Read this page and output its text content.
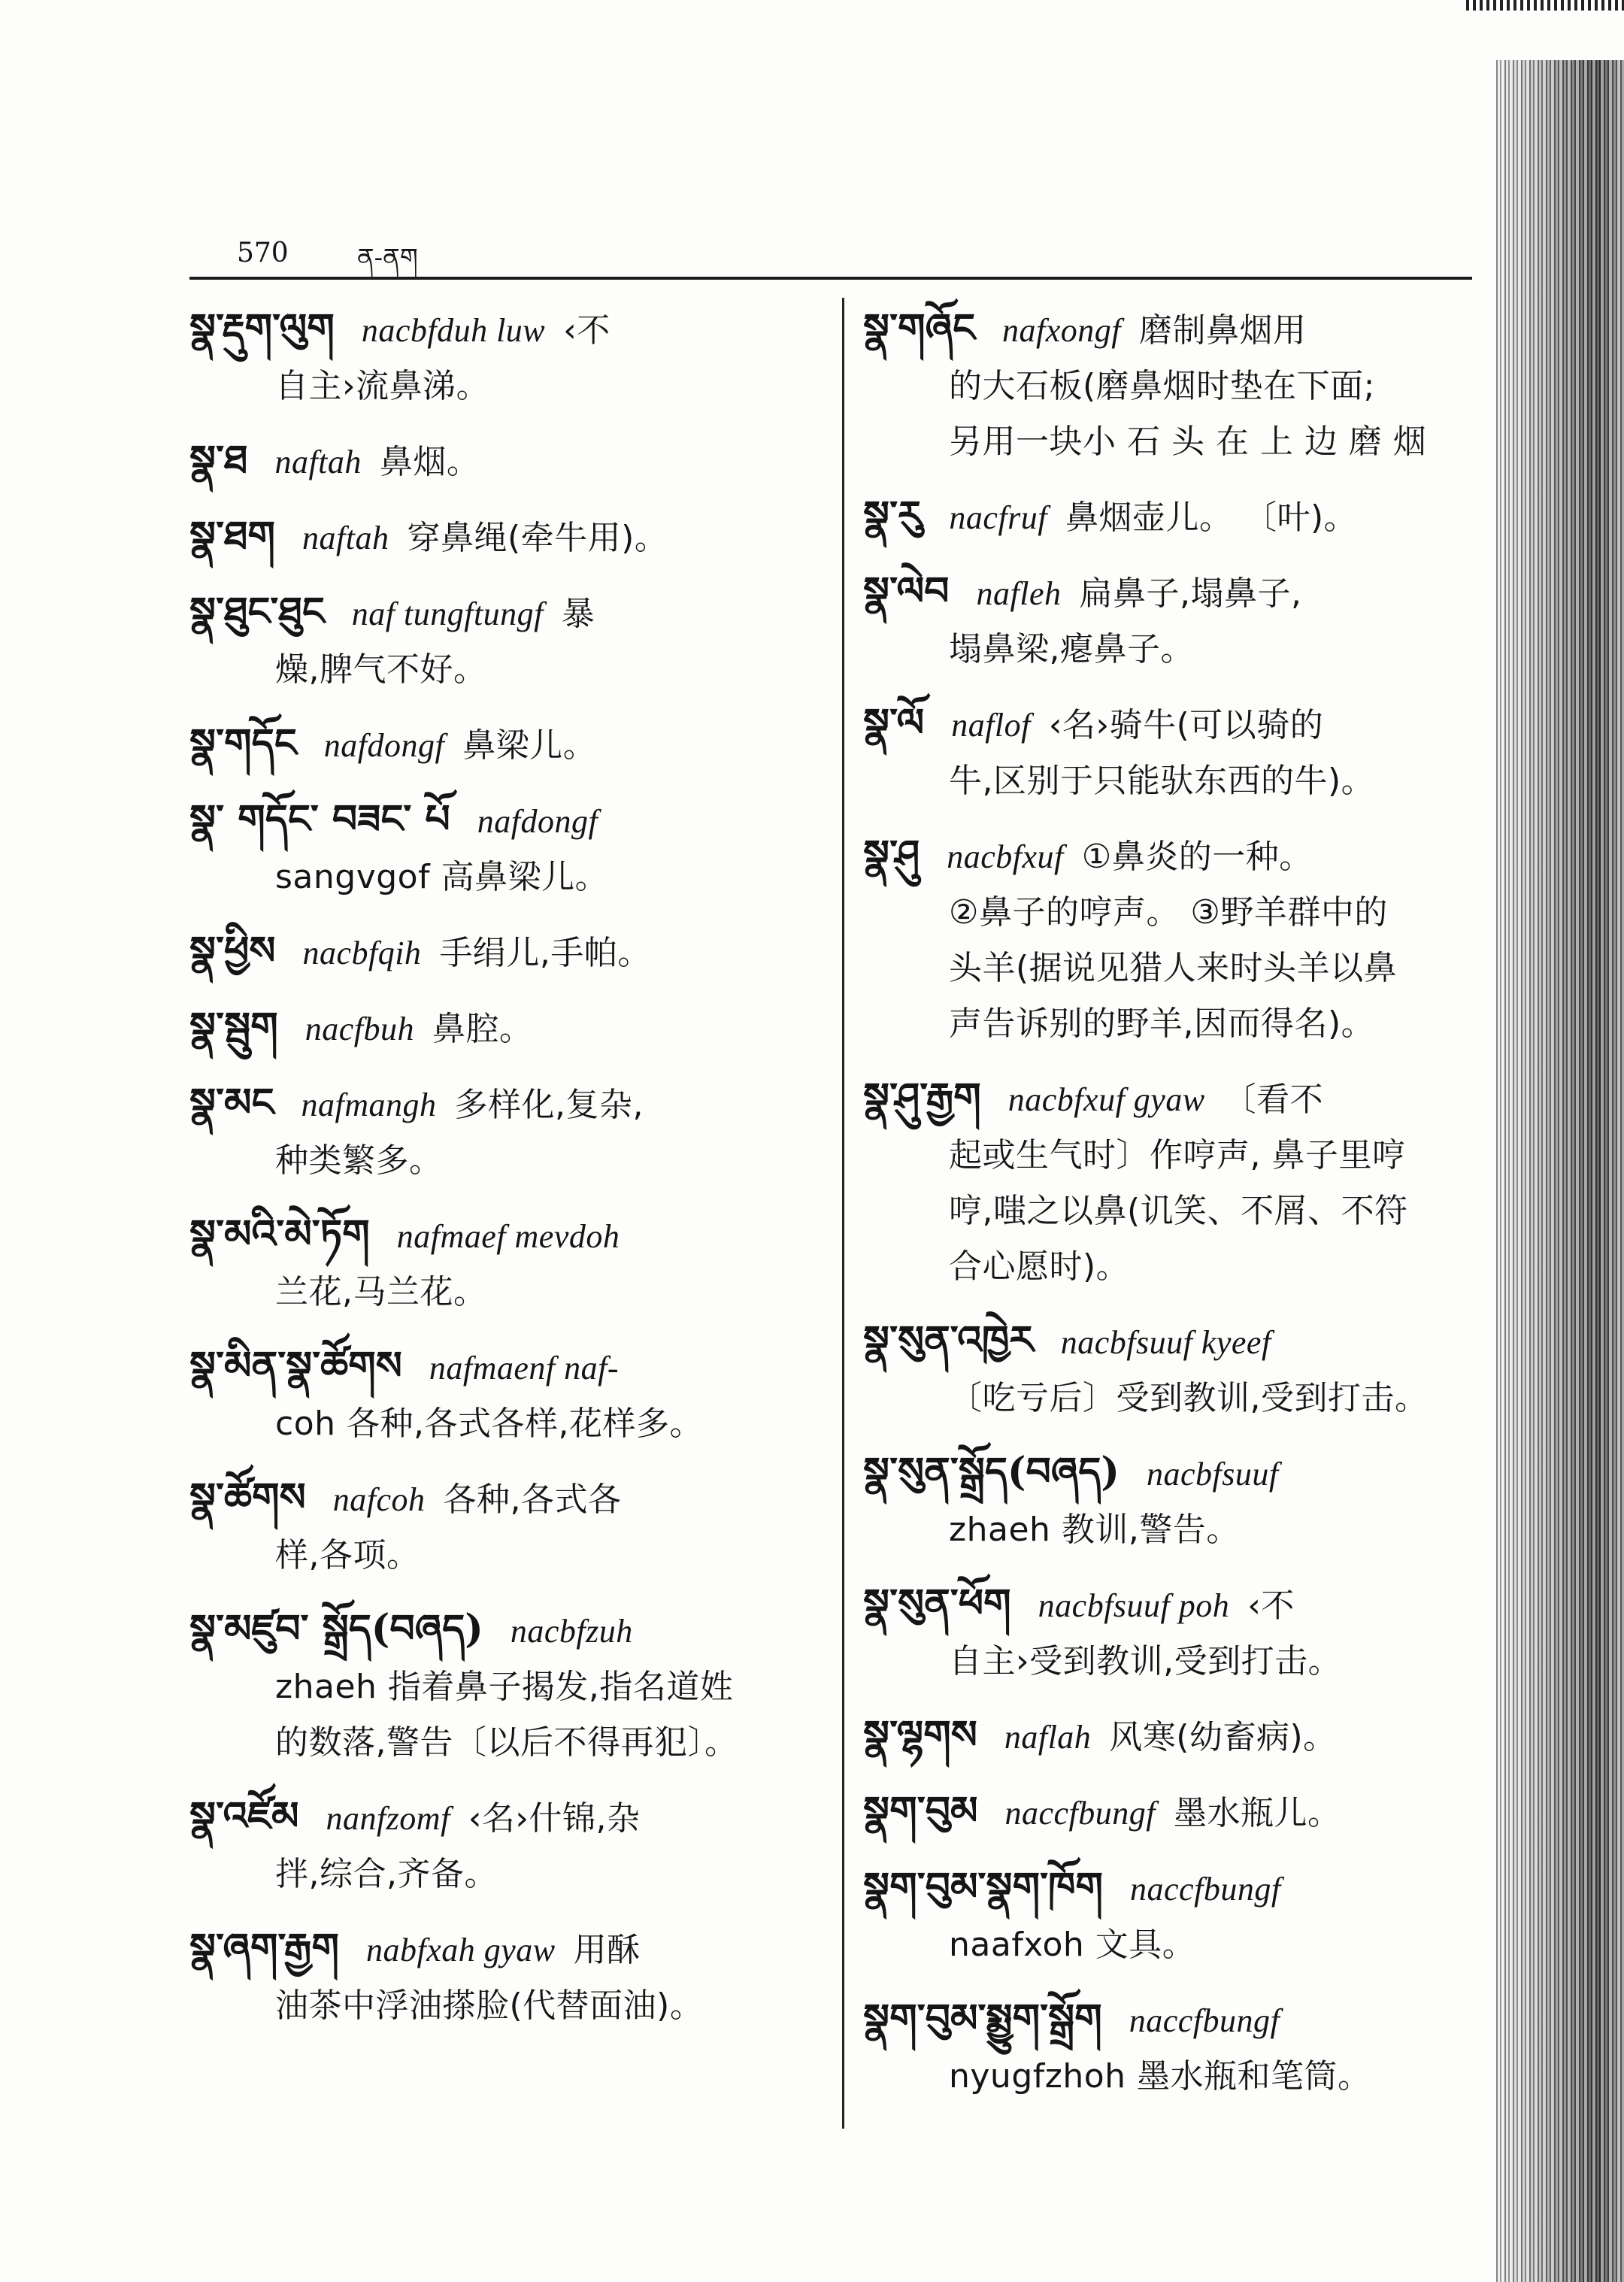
570	ན-ནག
སྣ་རྡུག་ལུག nacbfduh luw ‹不
自主›流鼻涕。
སྣ་ཐ naftah 鼻烟。
སྣ་ཐག naftah 穿鼻绳(牵牛用)。
སྣ་ཐུང་ཐུང naf tungftungf 暴
燥,脾气不好。
སྣ་གདོང nafdongf 鼻梁儿。
སྣ་ གདོང་ བཟང་ པོ nafdongf
sangvgof 高鼻梁儿。
སྣ་ཕྱིས nacbfqih 手绢儿,手帕。
སྣ་སྦུག nacfbuh 鼻腔。
སྣ་མང nafmangh 多样化,复杂,
种类繁多。
སྣ་མའི་མེ་ཏོག nafmaef mevdoh
兰花,马兰花。
སྣ་མིན་སྣ་ཚོགས nafmaenf naf-
coh 各种,各式各样,花样多。
སྣ་ཚོགས nafcoh 各种,各式各
样,各项。
སྣ་མཛུབ་ སྒྲོད(བཞད) nacbfzuh
zhaeh 指着鼻子揭发,指名道姓
的数落,警告〔以后不得再犯〕。
སྣ་འཛོམ nanfzomf ‹名›什锦,杂
拌,综合,齐备。
སྣ་ཞག་རྒྱག nabfxah gyaw 用酥
油茶中浮油搽脸(代替面油)。
སྣ་གཞོང nafxongf 磨制鼻烟用
的大石板(磨鼻烟时垫在下面;
另用一块小 石 头 在 上 边 磨 烟
སྣ་རུ nacfruf 鼻烟壶儿。 〔叶)。
སྣ་ལེབ nafleh 扁鼻子,塌鼻子,
塌鼻梁,瘪鼻子。
སྣ་ལོ naflof ‹名›骑牛(可以骑的
牛,区别于只能驮东西的牛)。
སྣ་ཤུ nacbfxuf ①鼻炎的一种。
②鼻子的哼声。 ③野羊群中的
头羊(据说见猎人来时头羊以鼻
声告诉别的野羊,因而得名)。
སྣ་ཤུ་རྒྱག nacbfxuf gyaw 〔看不
起或生气时〕作哼声, 鼻子里哼
哼,嗤之以鼻(讥笑、不屑、不符
合心愿时)。
སྣ་སུན་འཁྱེར nacbfsuuf kyeef
〔吃亏后〕受到教训,受到打击。
སྣ་སུན་སྒྲོད(བཞད) nacbfsuuf
zhaeh 教训,警告。
སྣ་སུན་ཕོག nacbfsuuf poh ‹不
自主›受到教训,受到打击。
སྣ་ལྷགས naflah 风寒(幼畜病)。
སྣག་བུམ naccfbungf 墨水瓶儿。
སྣག་བུམ་སྣག་ཁོག naccfbungf
naafxoh 文具。
སྣག་བུམ་སྨྱུག་སྒྲོག naccfbungf
nyugfzhoh 墨水瓶和笔筒。
